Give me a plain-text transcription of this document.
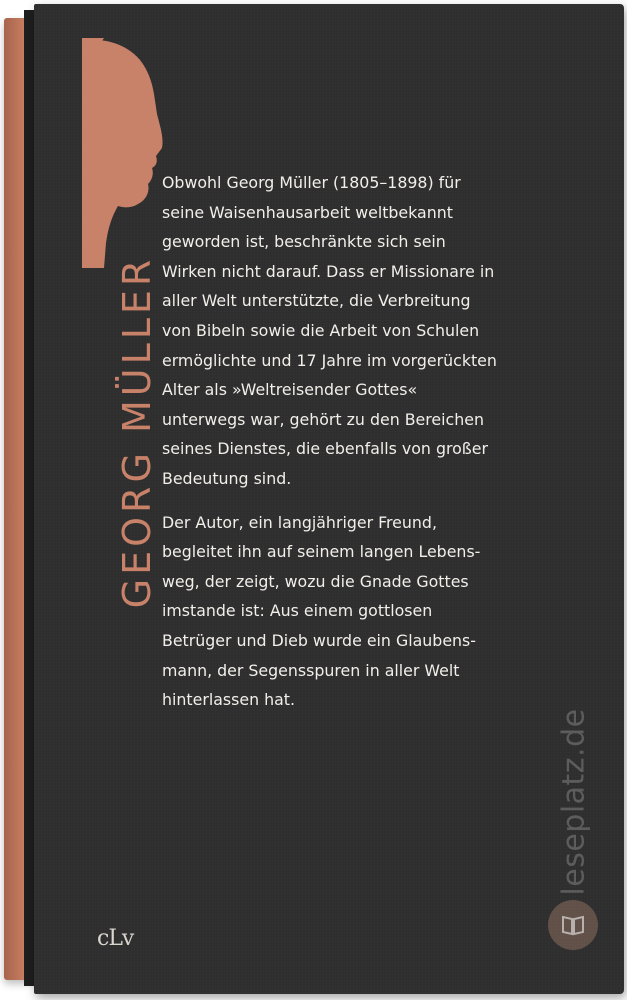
GEORG MÜLLER

Obwohl Georg Müller (1805–1898) für
seine Waisenhausarbeit weltbekannt
geworden ist, beschränkte sich sein
Wirken nicht darauf. Dass er Missionare in
aller Welt unterstützte, die Verbreitung
von Bibeln sowie die Arbeit von Schulen
ermöglichte und 17 Jahre im vorgerückten
Alter als »Weltreisender Gottes«
unterwegs war, gehört zu den Bereichen
seines Dienstes, die ebenfalls von großer
Bedeutung sind.

Der Autor, ein langjähriger Freund,
begleitet ihn auf seinem langen Lebens-
weg, der zeigt, wozu die Gnade Gottes
imstande ist: Aus einem gottlosen
Betrüger und Dieb wurde ein Glaubens-
mann, der Segensspuren in aller Welt
hinterlassen hat.

cLv
leseplatz.de
